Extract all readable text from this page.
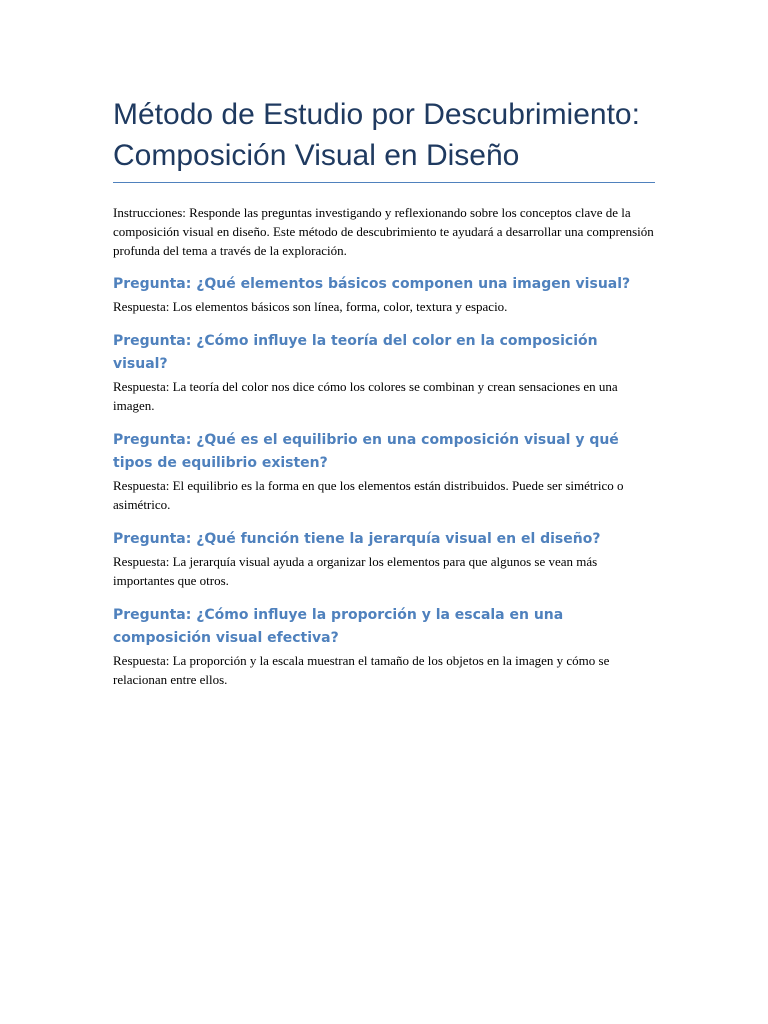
Método de Estudio por Descubrimiento: Composición Visual en Diseño

Instrucciones: Responde las preguntas investigando y reflexionando sobre los conceptos clave de la composición visual en diseño. Este método de descubrimiento te ayudará a desarrollar una comprensión profunda del tema a través de la exploración.

Pregunta: ¿Qué elementos básicos componen una imagen visual?

Respuesta: Los elementos básicos son línea, forma, color, textura y espacio.

Pregunta: ¿Cómo influye la teoría del color en la composición visual?

Respuesta: La teoría del color nos dice cómo los colores se combinan y crean sensaciones en una imagen.

Pregunta: ¿Qué es el equilibrio en una composición visual y qué tipos de equilibrio existen?

Respuesta: El equilibrio es la forma en que los elementos están distribuidos. Puede ser simétrico o asimétrico.

Pregunta: ¿Qué función tiene la jerarquía visual en el diseño?

Respuesta: La jerarquía visual ayuda a organizar los elementos para que algunos se vean más importantes que otros.

Pregunta: ¿Cómo influye la proporción y la escala en una composición visual efectiva?

Respuesta: La proporción y la escala muestran el tamaño de los objetos en la imagen y cómo se relacionan entre ellos.
